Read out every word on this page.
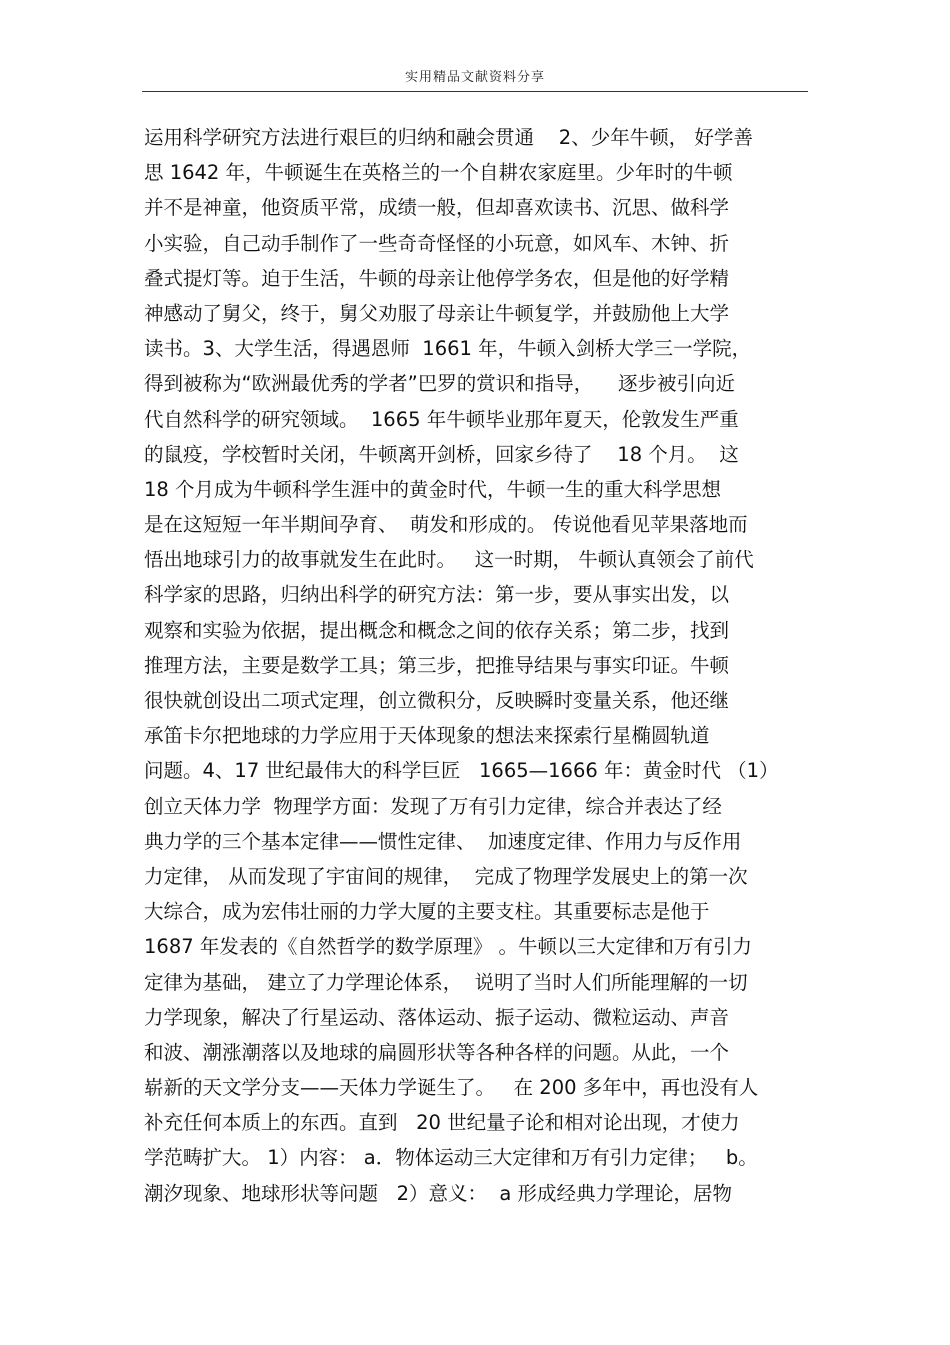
实用精品文献资料分享
运用科学研究方法进行艰巨的归纳和融会贯通    2、少年牛顿， 好学善
思 1642 年，牛顿诞生在英格兰的一个自耕农家庭里。少年时的牛顿
并不是神童，他资质平常，成绩一般，但却喜欢读书、沉思、做科学
小实验，自己动手制作了一些奇奇怪怪的小玩意，如风车、木钟、折
叠式提灯等。迫于生活，牛顿的母亲让他停学务农，但是他的好学精
神感动了舅父，终于，舅父劝服了母亲让牛顿复学，并鼓励他上大学
读书。3、大学生活，得遇恩师  1661 年，牛顿入剑桥大学三一学院，
得到被称为“欧洲最优秀的学者”巴罗的赏识和指导，    逐步被引向近
代自然科学的研究领域。  1665 年牛顿毕业那年夏天，伦敦发生严重
的鼠疫，学校暂时关闭，牛顿离开剑桥，回家乡待了    18 个月。  这
18 个月成为牛顿科学生涯中的黄金时代，牛顿一生的重大科学思想
是在这短短一年半期间孕育、  萌发和形成的。 传说他看见苹果落地而
悟出地球引力的故事就发生在此时。   这一时期， 牛顿认真领会了前代
科学家的思路，归纳出科学的研究方法：第一步，要从事实出发，以
观察和实验为依据，提出概念和概念之间的依存关系；第二步，找到
推理方法，主要是数学工具；第三步，把推导结果与事实印证。牛顿
很快就创设出二项式定理，创立微积分，反映瞬时变量关系，他还继
承笛卡尔把地球的力学应用于天体现象的想法来探索行星椭圆轨道
问题。4、17 世纪最伟大的科学巨匠   1665—1666 年：黄金时代 （1）
创立天体力学  物理学方面：发现了万有引力定律，综合并表达了经
典力学的三个基本定律——惯性定律、  加速度定律、作用力与反作用
力定律， 从而发现了宇宙间的规律，  完成了物理学发展史上的第一次
大综合，成为宏伟壮丽的力学大厦的主要支柱。其重要标志是他于
1687 年发表的《自然哲学的数学原理》 。牛顿以三大定律和万有引力
定律为基础， 建立了力学理论体系，  说明了当时人们所能理解的一切
力学现象，解决了行星运动、落体运动、振子运动、微粒运动、声音
和波、潮涨潮落以及地球的扁圆形状等各种各样的问题。从此，一个
崭新的天文学分支——天体力学诞生了。   在 200 多年中，再也没有人
补充任何本质上的东西。直到   20 世纪量子论和相对论出现，才使力
学范畴扩大。 1）内容： a．物体运动三大定律和万有引力定律；   b。
潮汐现象、地球形状等问题   2）意义：  a 形成经典力学理论，居物
